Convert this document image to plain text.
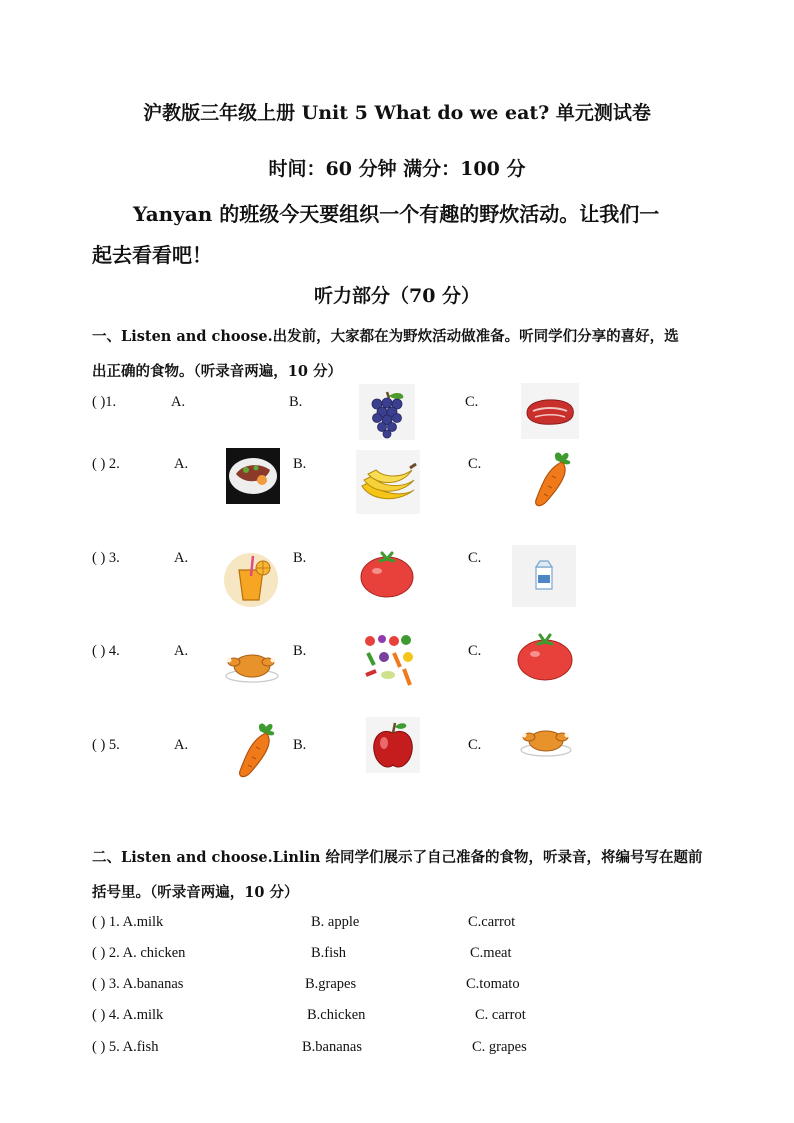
沪教版三年级上册 Unit 5 What do we eat? 单元测试卷
时间：60 分钟 满分：100 分
Yanyan 的班级今天要组织一个有趣的野炊活动。让我们一
起去看看吧！
听力部分（70 分）
一、Listen and choose.出发前，大家都在为野炊活动做准备。听同学们分享的喜好，选
出正确的食物。（听录音两遍，10 分）
( )1.	A.	B.	C.
( ) 2.	A.	B.	C.
( ) 3.	A.	B.	C.
( ) 4.	A.	B.	C.
( ) 5.	A.	B.	C.
二、Listen and choose.Linlin 给同学们展示了自己准备的食物，听录音，将编号写在题前
括号里。（听录音两遍，10 分）
( ) 1. A.milk	B. apple	C.carrot
( ) 2. A. chicken	B.fish	C.meat
( ) 3. A.bananas	B.grapes	C.tomato
( ) 4. A.milk	B.chicken	C. carrot
( ) 5. A.fish	B.bananas	C. grapes
